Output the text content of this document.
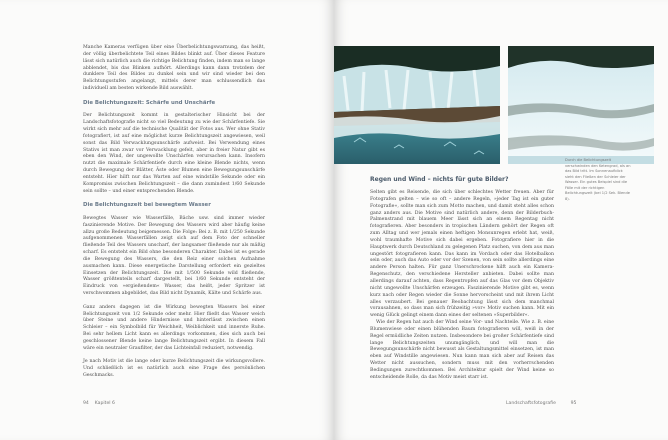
Manche Kameras verfügen über eine Überbelichtungswarnung, das heißt, der völlig überbelichtete Teil eines Bildes blinkt auf. Über dieses Feature lässt sich natürlich auch die richtige Belichtung finden, indem man so lange abblendet, bis das Blinken aufhört. Allerdings kann dann trotzdem der dunklere Teil des Bildes zu dunkel sein und wir sind wieder bei den Belichtungsstufen angelangt, mittels derer man schlussendlich das individuell am besten wirkende Bild auswählt.

Die Belichtungszeit: Schärfe und Unschärfe

Der Belichtungszeit kommt in gestalterischer Hinsicht bei der Landschaftsfotografie nicht so viel Bedeutung zu wie der Schärfentiefe. Sie wirkt sich mehr auf die technische Qualität der Fotos aus. Wer ohne Stativ fotografiert, ist auf eine möglichst kurze Belichtungszeit angewiesen, weil sonst das Bild Verwacklungsunschärfe aufweist. Bei Verwendung eines Stativs ist man zwar vor Verwacklung gefeit, aber in freier Natur gibt es eben den Wind, der ungewollte Unschärfen verursachen kann. Insofern nutzt die maximale Schärfentiefe durch eine kleine Blende nichts, wenn durch Bewegung der Blätter, Äste oder Blumen eine Bewegungsunschärfe entsteht. Hier hilft nur das Warten auf eine windstille Sekunde oder ein Kompromiss zwischen Belichtungszeit – die dann zumindest 1/60 Sekunde sein sollte – und einer entsprechenden Blende.

Die Belichtungszeit bei bewegtem Wasser

Bewegtes Wasser wie Wasserfälle, Bäche usw. sind immer wieder faszinierende Motive. Der Bewegung des Wassers wird aber häufig keine allzu große Bedeutung beigemessen. Die Folge: Bei z. B. mit 1/250 Sekunde aufgenommenen Wasserfällen zeigt sich auf dem Foto der schneller fließende Teil des Wassers unscharf, der langsamer fließende nur als mäßig scharf. Es entsteht ein Bild ohne besonderen Charakter. Dabei ist es gerade die Bewegung des Wassers, die den Reiz einer solchen Aufnahme ausmachen kann. Diese energetische Darstellung erfordert ein gezieltes Einsetzen der Belichtungszeit. Die mit 1/500 Sekunde wild fließende, Wasser größtenteils scharf dargestellt, bei 1/60 Sekunde entsteht der Eindruck von »ergießendem« Wasser, das heißt, jeder Spritzer ist verschwommen abgebildet, das Bild nicht Dynamik, Kälte und Schärfe aus.

Ganz anders dagegen ist die Wirkung bewegten Wassers bei einer Belichtungszeit von 1/2 Sekunde oder mehr. Hier fließt das Wasser weich über Steine und andere Hindernisse und hinterlässt zwischen einen Schleier – ein Symbolbild für Weichheit, Weiblichkeit und innerste Ruhe. Bei sehr hellem Licht kann es allerdings vorkommen, dies sich auch bei geschlossener Blende keine lange Belichtungszeit ergibt. In diesem Fall wäre ein neutraler Grauﬁlter, der das Lichteinfall reduziert, notwendig.

Je nach Motiv ist die lange oder kurze Belichtungszeit die wirkungsvollere. Und schließlich ist es natürlich auch eine Frage des persönlichen Geschmacks.

94 Kapitel 6
Durch die Belichtungszeit verschwinden den Ketengrad, als an das Bild tritt. Im Sonnenaufblick sieht den Fließen der Schleier der Wasser. Ein gutes Beispiel sind die Fälle mit der richtigen Belichtungszeit (bei 1/2 Sek. Blende 8).
Regen und Wind – nichts für gute Bilder?

Selten gibt es Reisende, die sich über schlechtes Wetter freuen. Aber für Fotografen gelten – wie so oft – andere Regeln, »jeder Tag ist ein guter Fotografie«, sollte man sich zum Motto machen, und damit steht alles schon ganz anders aus. Die Motive sind natürlich andere, denn der Bilderbuch-Palmenstrand mit blauem Meer lässt sich an einem Regentag nicht fotografieren. Aber besonders in tropischen Ländern gehört der Regen oft zum Alltag und wer jemals einen heftigen Monsunregen erlebt hat, weiß, wohl traumhafte Motive sich dabei ergeben. Fotografiere hier in die Hauptwerk durch Deutschland zu gelegenen Platz suchen, von dem aus man ungestört fotografieren kann. Das kann im Vordach oder das Hotelbalkon sein oder, auch das Auto oder vor der Szenen, von sein sollte allerdings eine andere Person halten. Für ganz Unerschrockene hilft auch ein Kamera-Regenschutz, den verschiedene Hersteller anbieten. Dabei sollte man allerdings darauf achten, dass Regentropfen auf das Glas vor dem Objektiv nicht ungewollte Unschärfen erzeugen. Faszinierende Motive gibt es, wenn kurz nach oder Regen wieder die Sonne hervorscheint und mit ihrem Licht alles verzaubert. Bei genauer Beobachtung lässt sich dem manchmal vorausahnen, so dass man sich frühzeitig »vor« Motiv suchen kann. Mit ein wenig Glück gelingt einem dann eines der seltenen »Superbilder«.

Wie der Regen hat auch der Wind seine Vor- und Nachteile. Wie z. B. eine Blumenwiese oder einen blühenden Baum fotografieren will, weiß in der Regel ermüdliche Zeiten nutzen. Insbesondere bei großer Schärfentiefe sind lange Belichtungszeiten unumgänglich, und will man die Bewegungsunschärfe nicht bewusst als Gestaltungsmittel einsetzen, ist man eben auf Windstille angewiesen. Nun kann man sich aber auf Reisen das Wetter nicht aussuchen, sondern muss mit den vorherrschenden Bedingungen zurechtkommen. Bei Architektur spielt der Wind keine so entscheidende Rolle, da das Motiv meist starr ist.

Landschaftsfotografie	95
